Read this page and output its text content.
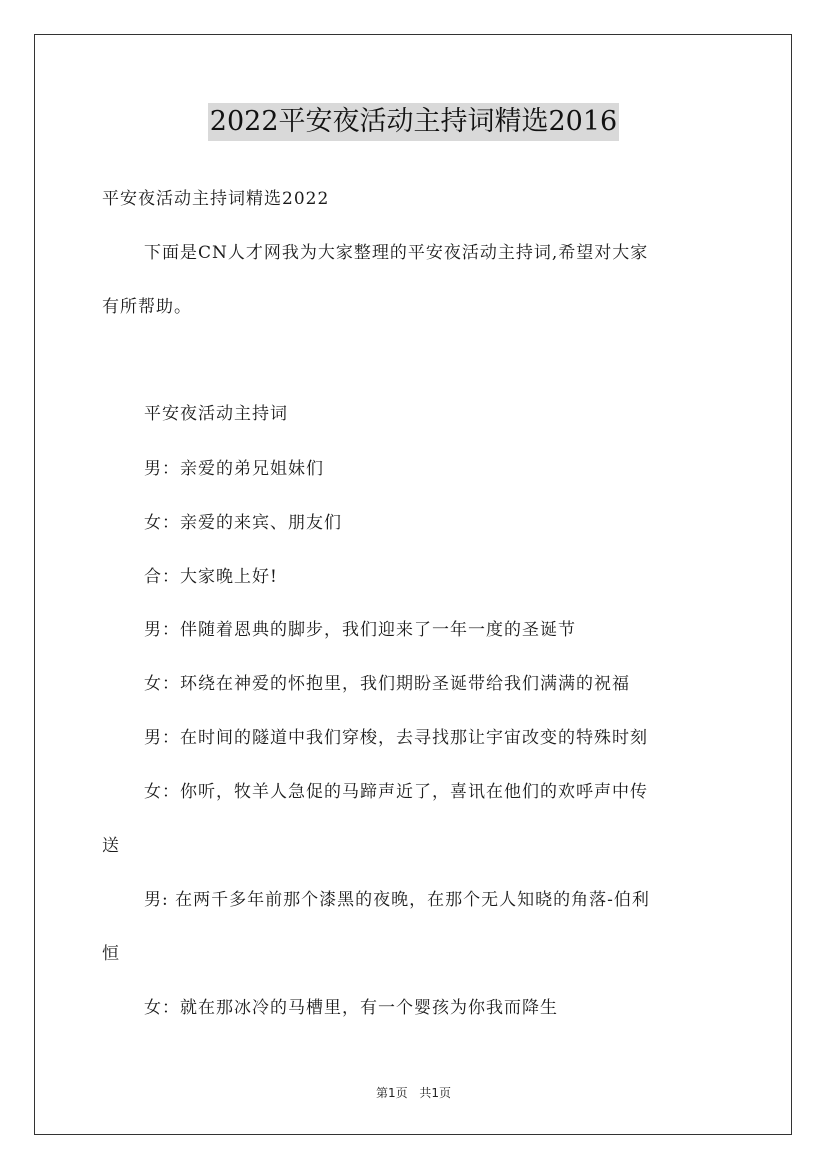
2022平安夜活动主持词精选2016
平安夜活动主持词精选2022
下面是CN人才网我为大家整理的平安夜活动主持词,希望对大家
有所帮助。
平安夜活动主持词
男：亲爱的弟兄姐妹们
女：亲爱的来宾、朋友们
合：大家晚上好!
男：伴随着恩典的脚步，我们迎来了一年一度的圣诞节
女：环绕在神爱的怀抱里，我们期盼圣诞带给我们满满的祝福
男：在时间的隧道中我们穿梭，去寻找那让宇宙改变的特殊时刻
女：你听，牧羊人急促的马蹄声近了，喜讯在他们的欢呼声中传
送
男: 在两千多年前那个漆黑的夜晚，在那个无人知晓的角落-伯利
恒
女：就在那冰冷的马槽里，有一个婴孩为你我而降生
第1页 共1页
